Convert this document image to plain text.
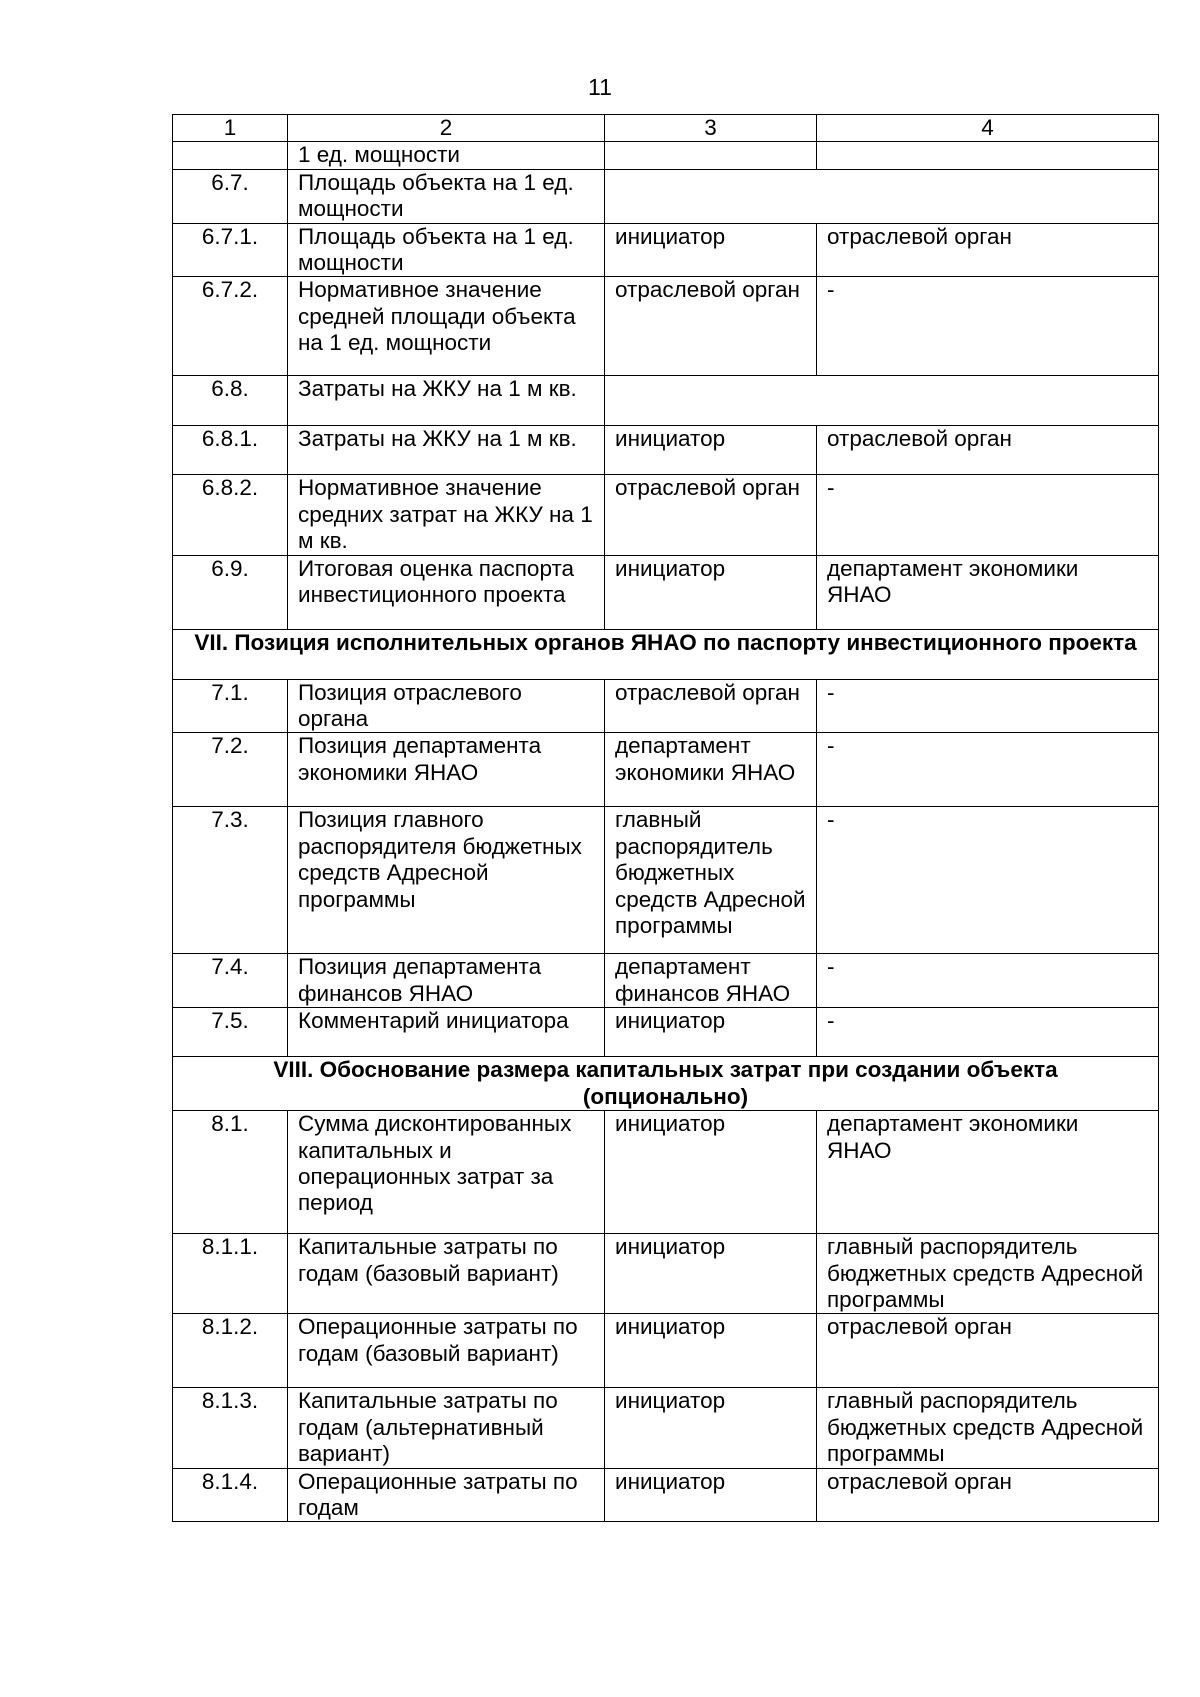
11
1	2	3	4
	1 ед. мощности		
6.7.	Площадь объекта на 1 ед. мощности		
6.7.1.	Площадь объекта на 1 ед. мощности	инициатор	отраслевой орган
6.7.2.	Нормативное значение средней площади объекта на 1 ед. мощности	отраслевой орган	-
6.8.	Затраты на ЖКУ на 1 м кв.		
6.8.1.	Затраты на ЖКУ на 1 м кв.	инициатор	отраслевой орган
6.8.2.	Нормативное значение средних затрат на ЖКУ на 1 м кв.	отраслевой орган	-
6.9.	Итоговая оценка паспорта инвестиционного проекта	инициатор	департамент экономики ЯНАО
VII. Позиция исполнительных органов ЯНАО по паспорту инвестиционного проекта			
7.1.	Позиция отраслевого органа	отраслевой орган	-
7.2.	Позиция департамента экономики ЯНАО	департамент экономики ЯНАО	-
7.3.	Позиция главного распорядителя бюджетных средств Адресной программы	главный распорядитель бюджетных средств Адресной программы	-
7.4.	Позиция департамента финансов ЯНАО	департамент финансов ЯНАО	-
7.5.	Комментарий инициатора	инициатор	-
VIII. Обоснование размера капитальных затрат при создании объекта (опционально)			
8.1.	Сумма дисконтированных капитальных и операционных затрат за период	инициатор	департамент экономики ЯНАО
8.1.1.	Капитальные затраты по годам (базовый вариант)	инициатор	главный распорядитель бюджетных средств Адресной программы
8.1.2.	Операционные затраты по годам (базовый вариант)	инициатор	отраслевой орган
8.1.3.	Капитальные затраты по годам (альтернативный вариант)	инициатор	главный распорядитель бюджетных средств Адресной программы
8.1.4.	Операционные затраты по годам	инициатор	отраслевой орган
